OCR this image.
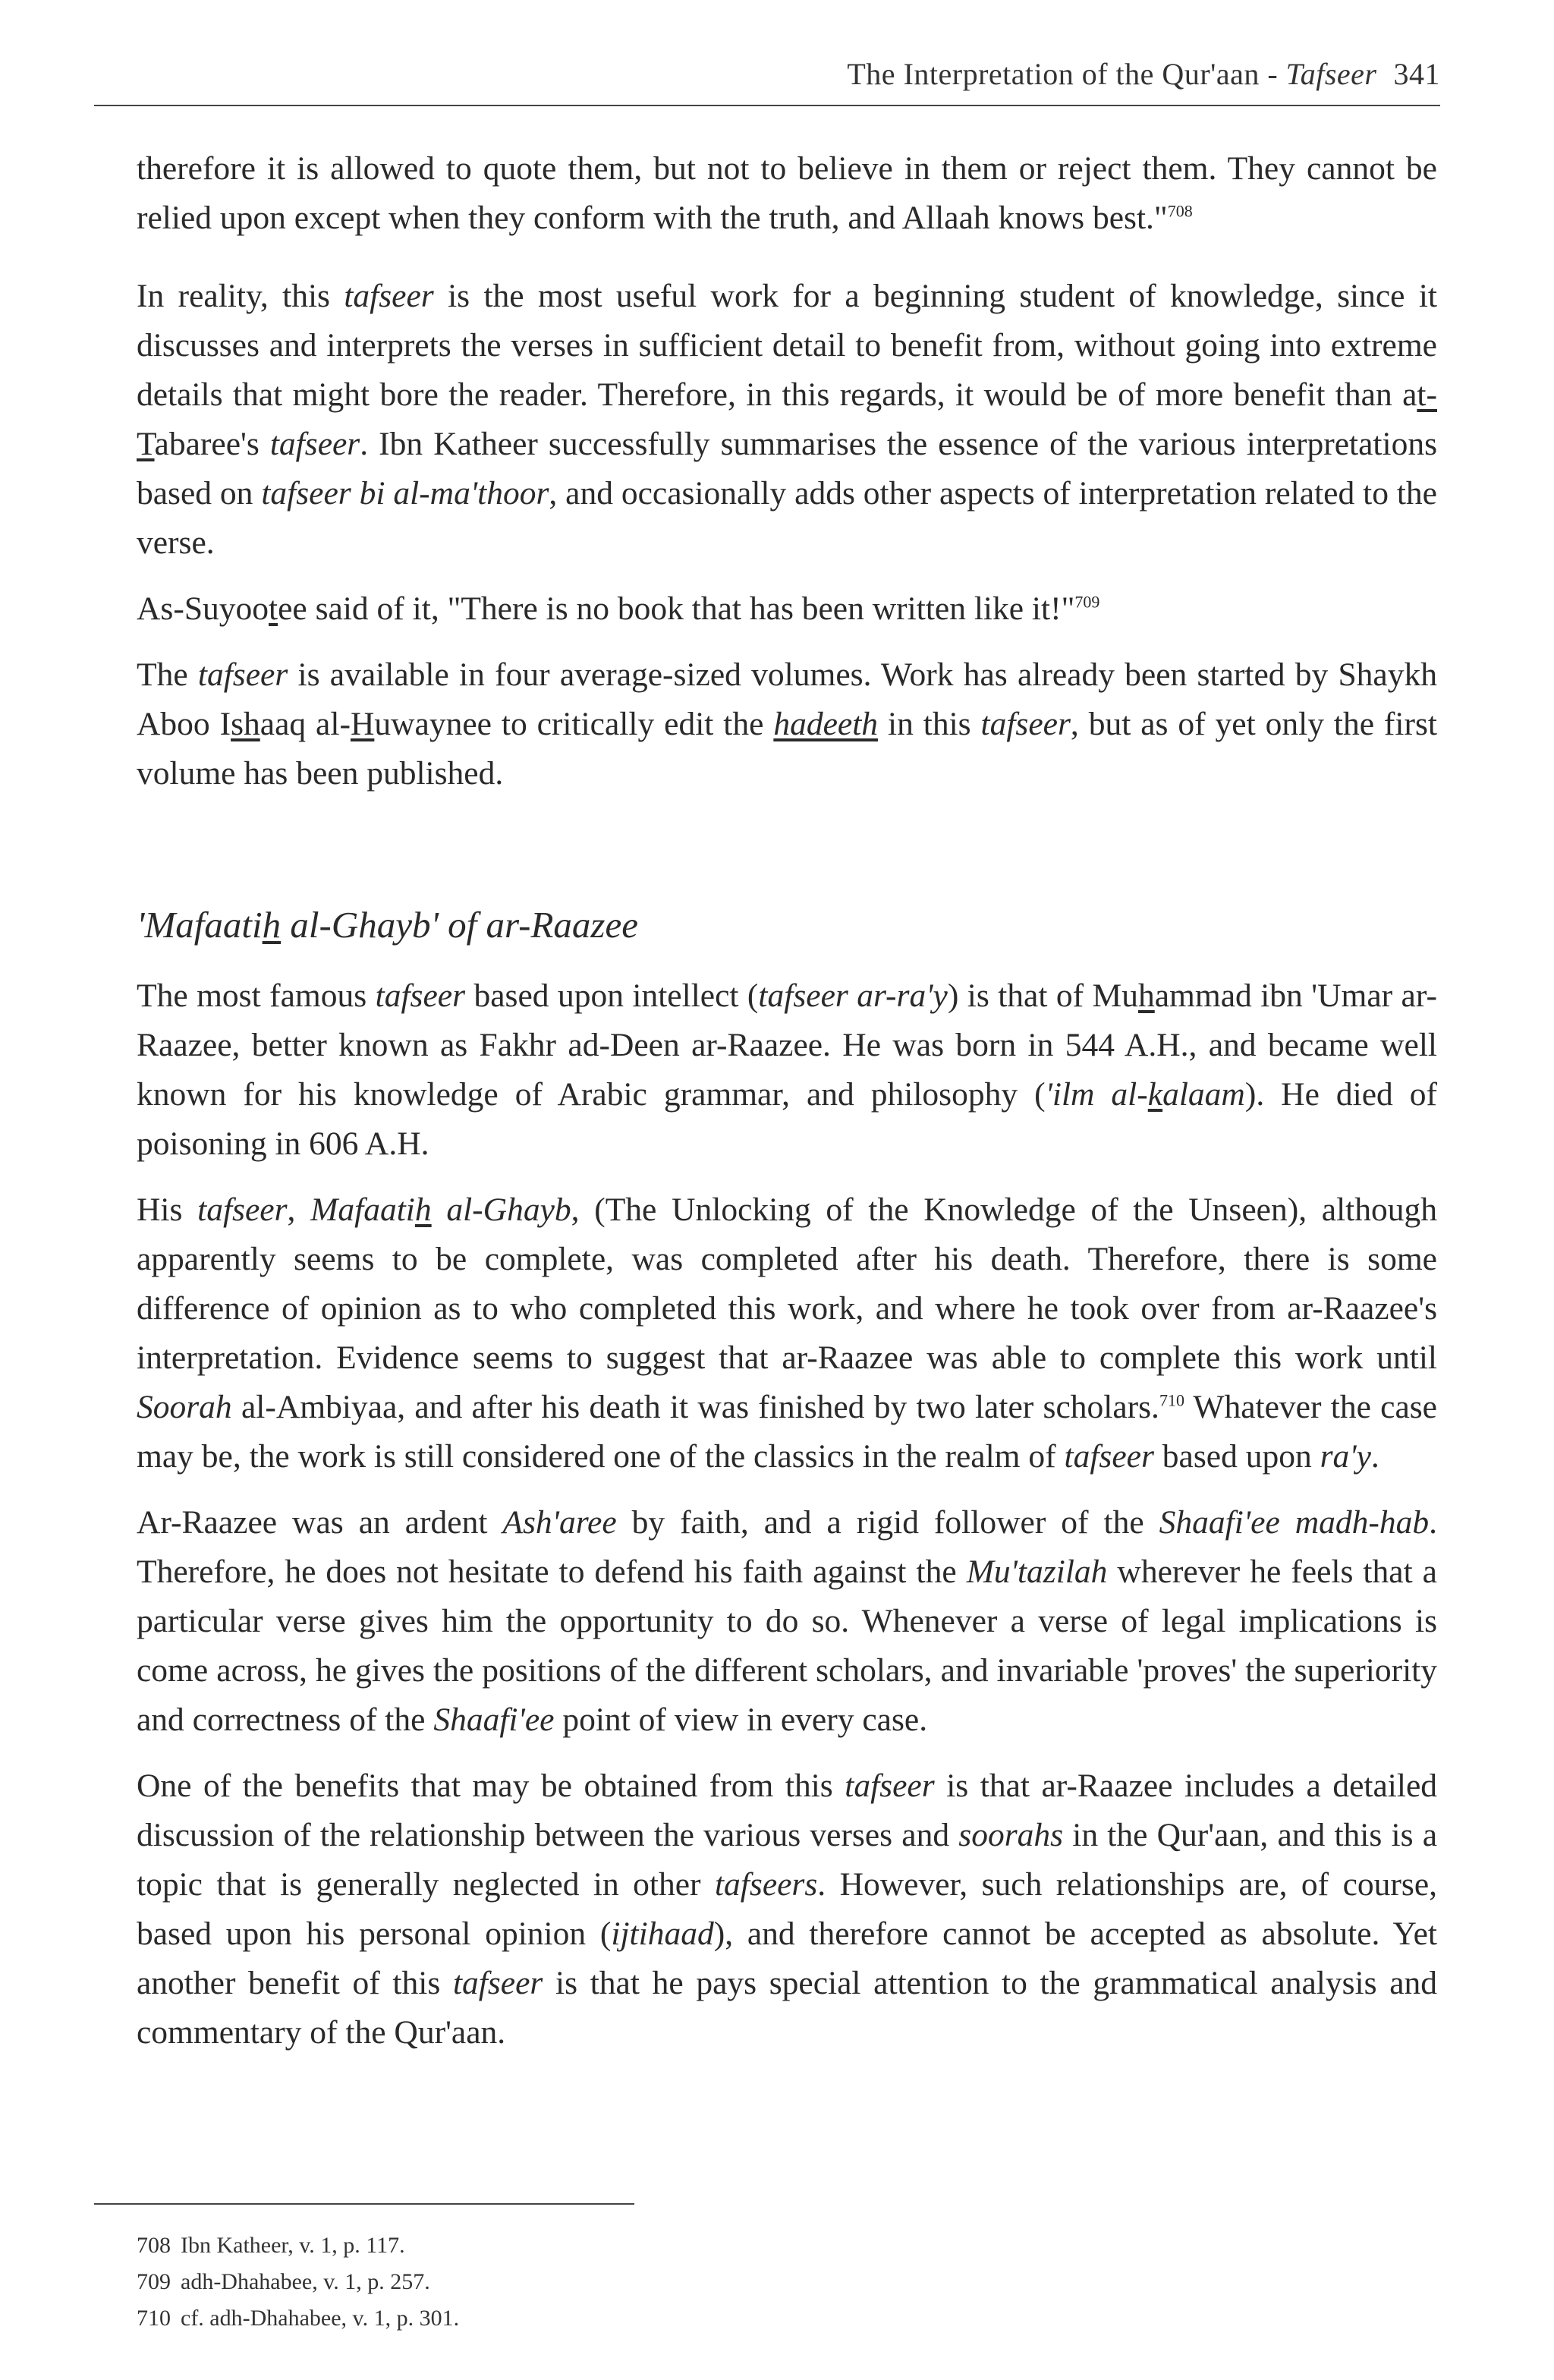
The Interpretation of the Qur'aan - Tafseer 341

therefore it is allowed to quote them, but not to believe in them or reject them. They cannot be relied upon except when they conform with the truth, and Allaah knows best."$^{708}$

In reality, this tafseer is the most useful work for a beginning student of knowledge, since it discusses and interprets the verses in sufficient detail to benefit from, without going into extreme details that might bore the reader. Therefore, in this regards, it would be of more benefit than at-Tabaree's tafseer. Ibn Katheer successfully summarises the essence of the various interpretations based on tafseer bi al-ma'thoor, and occasionally adds other aspects of interpretation related to the verse.

As-Suyootee said of it, "There is no book that has been written like it!"$^{709}$

The tafseer is available in four average-sized volumes. Work has already been started by Shaykh Aboo Ishaaq al-Huwaynee to critically edit the hadeeth in this tafseer, but as of yet only the first volume has been published.

'Mafaatih al-Ghayb' of ar-Raazee

The most famous tafseer based upon intellect (tafseer ar-ra'y) is that of Muhammad ibn 'Umar ar-Raazee, better known as Fakhr ad-Deen ar-Raazee. He was born in 544 A.H., and became well known for his knowledge of Arabic grammar, and philosophy ('ilm al-kalaam). He died of poisoning in 606 A.H.

His tafseer, Mafaatih al-Ghayb, (The Unlocking of the Knowledge of the Unseen), although apparently seems to be complete, was completed after his death. Therefore, there is some difference of opinion as to who completed this work, and where he took over from ar-Raazee's interpretation. Evidence seems to suggest that ar-Raazee was able to complete this work until Soorah al-Ambiyaa, and after his death it was finished by two later scholars.$^{710}$ Whatever the case may be, the work is still considered one of the classics in the realm of tafseer based upon ra'y.

Ar-Raazee was an ardent Ash'aree by faith, and a rigid follower of the Shaafi'ee madh-hab. Therefore, he does not hesitate to defend his faith against the Mu'tazilah wherever he feels that a particular verse gives him the opportunity to do so. Whenever a verse of legal implications is come across, he gives the positions of the different scholars, and invariable 'proves' the superiority and correctness of the Shaafi'ee point of view in every case.

One of the benefits that may be obtained from this tafseer is that ar-Raazee includes a detailed discussion of the relationship between the various verses and soorahs in the Qur'aan, and this is a topic that is generally neglected in other tafseers. However, such relationships are, of course, based upon his personal opinion (ijtihaad), and therefore cannot be accepted as absolute. Yet another benefit of this tafseer is that he pays special attention to the grammatical analysis and commentary of the Qur'aan.

708 Ibn Katheer, v. 1, p. 117.
709 adh-Dhahabee, v. 1, p. 257.
710 cf. adh-Dhahabee, v. 1, p. 301.
